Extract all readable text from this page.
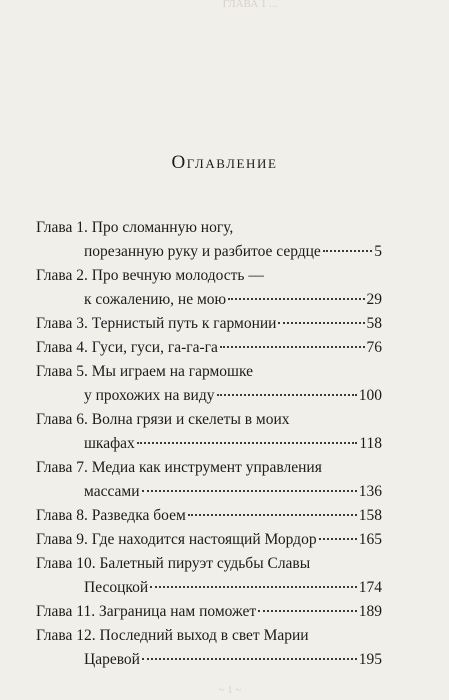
ГЛАВА 1 ...
Оглавление
Глава 1. Про сломанную ногу,
порезанную руку и разбитое сердце	5
Глава 2. Про вечную молодость —
к сожалению, не мою	29
Глава 3. Тернистый путь к гармонии	58
Глава 4. Гуси, гуси, га-га-га	76
Глава 5. Мы играем на гармошке
у прохожих на виду	100
Глава 6. Волна грязи и скелеты в моих
шкафах	118
Глава 7. Медиа как инструмент управления
массами	136
Глава 8. Разведка боем	158
Глава 9. Где находится настоящий Мордор	165
Глава 10. Балетный пируэт судьбы Славы
Песоцкой	174
Глава 11. Заграница нам поможет	189
Глава 12. Последний выход в свет Марии
Царевой	195
~ 1 ~
